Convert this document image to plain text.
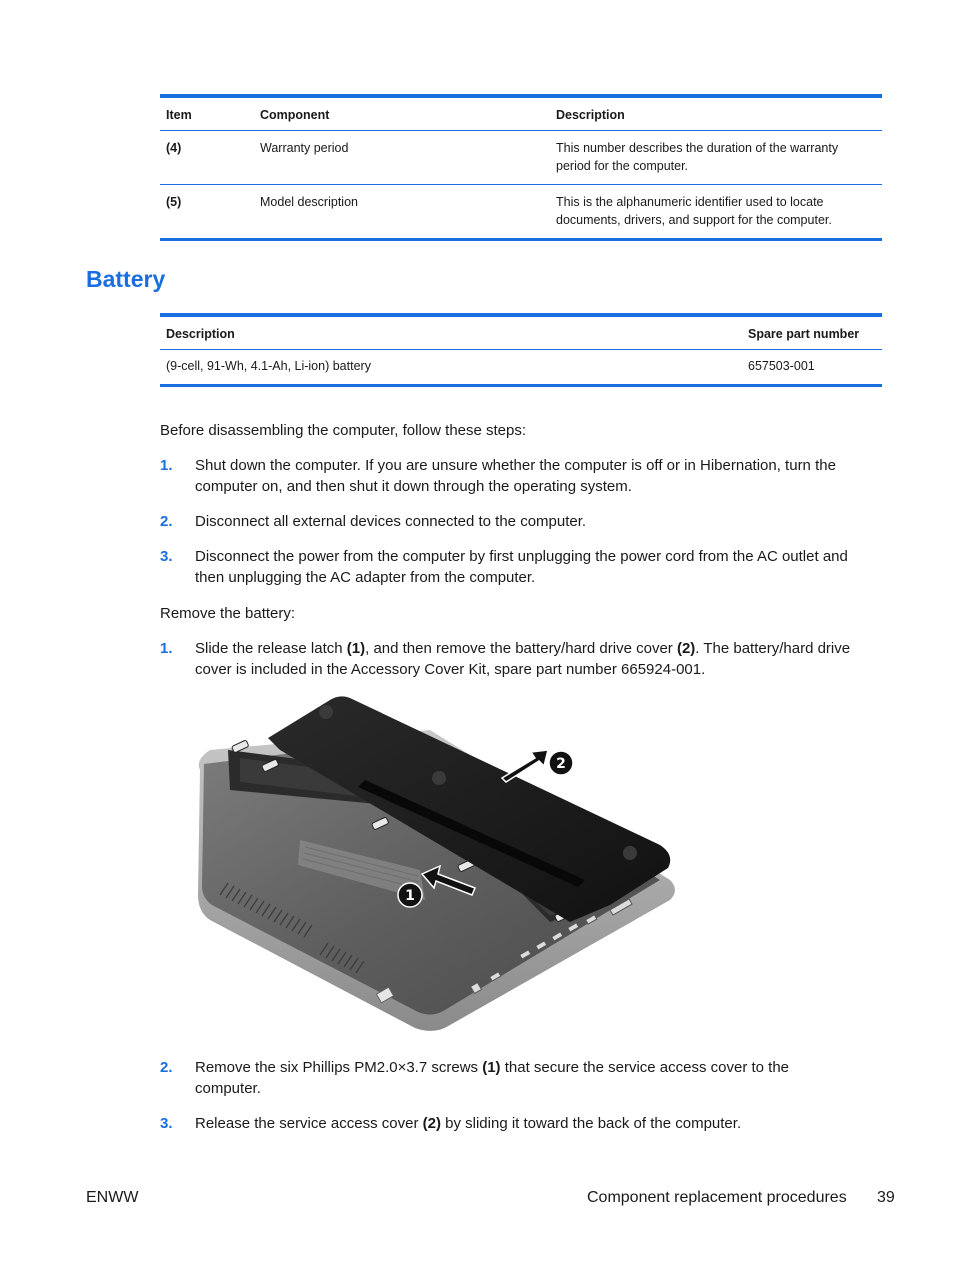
Item	Component	Description
(4)	Warranty period	This number describes the duration of the warranty period for the computer.
(5)	Model description	This is the alphanumeric identifier used to locate documents, drivers, and support for the computer.
Battery
Description	Spare part number
(9-cell, 91-Wh, 4.1-Ah, Li-ion) battery	657503-001
Before disassembling the computer, follow these steps:
1. Shut down the computer. If you are unsure whether the computer is off or in Hibernation, turn the computer on, and then shut it down through the operating system.
2. Disconnect all external devices connected to the computer.
3. Disconnect the power from the computer by first unplugging the power cord from the AC outlet and then unplugging the AC adapter from the computer.
Remove the battery:
1. Slide the release latch (1), and then remove the battery/hard drive cover (2). The battery/hard drive cover is included in the Accessory Cover Kit, spare part number 665924-001.
1
2
2. Remove the six Phillips PM2.0×3.7 screws (1) that secure the service access cover to the computer.
3. Release the service access cover (2) by sliding it toward the back of the computer.
ENWW	Component replacement procedures 39
